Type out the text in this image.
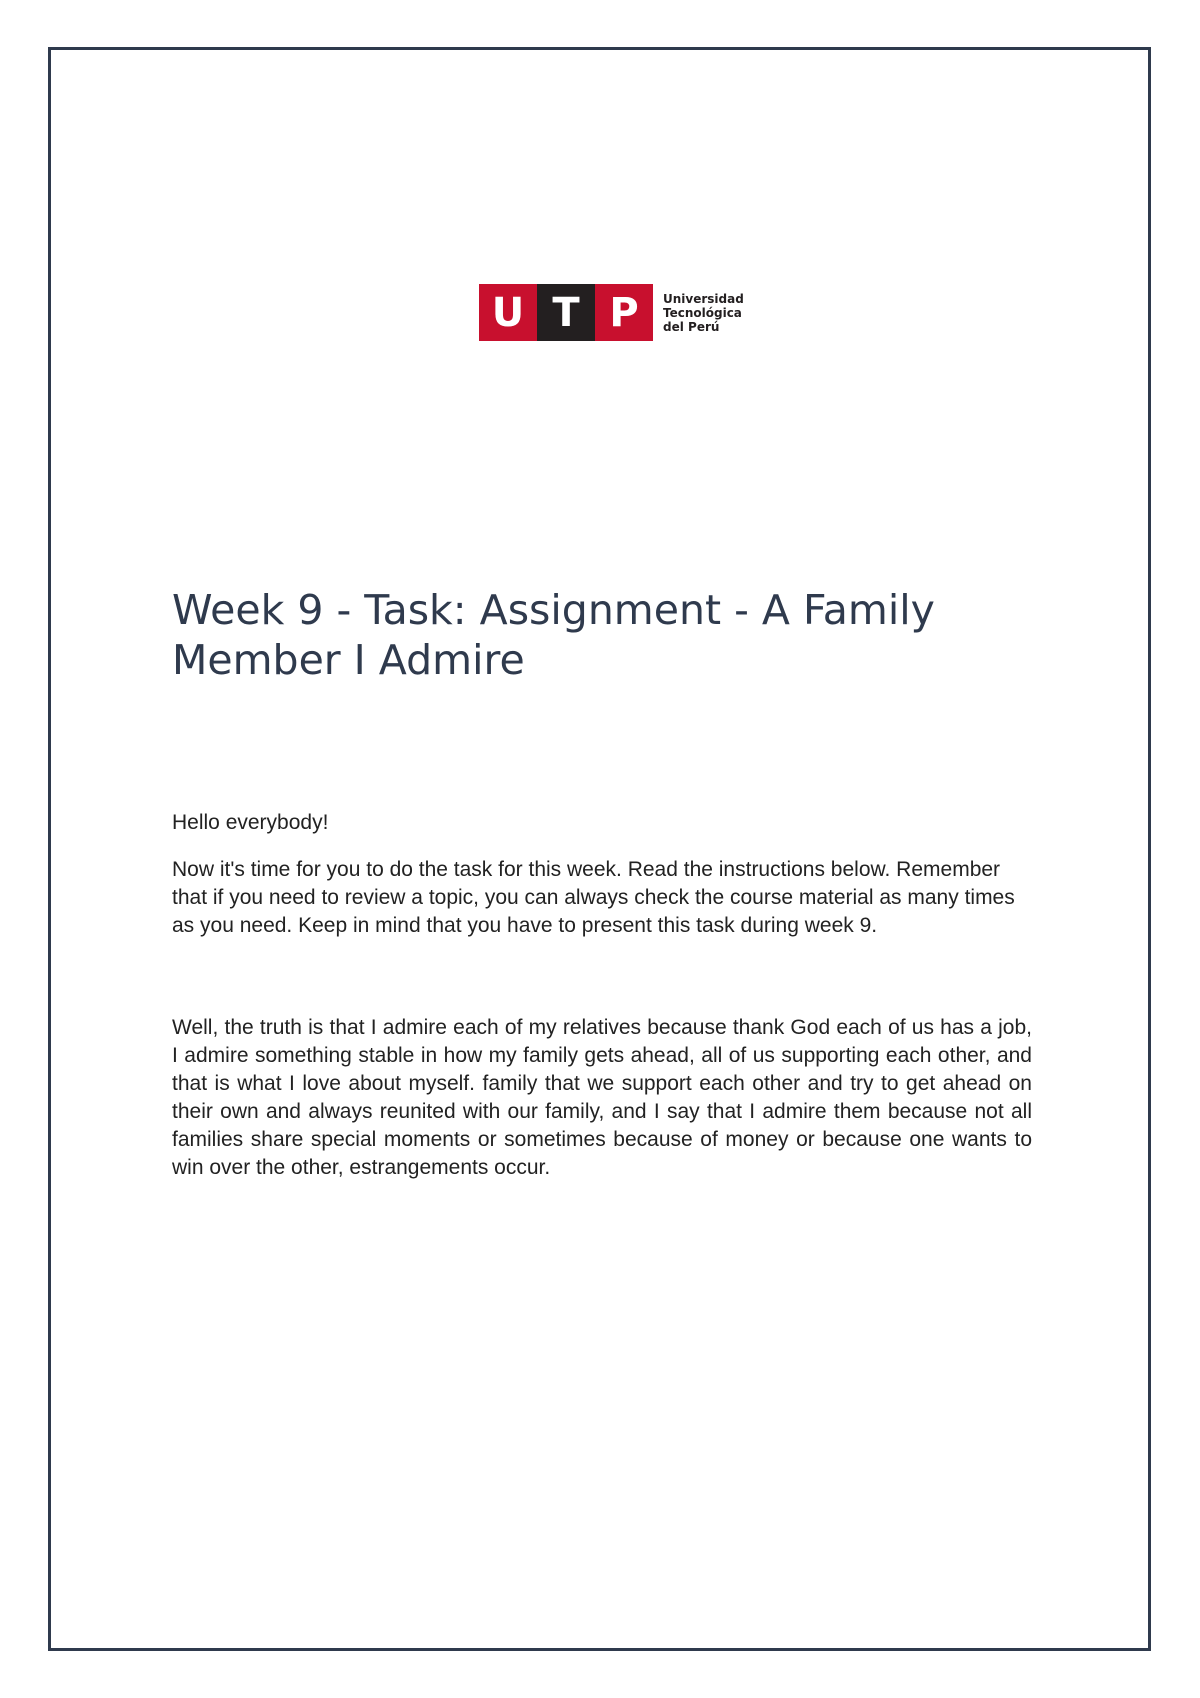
U T P	Universidad
Tecnológica
del Perú
Week 9 - Task: Assignment - A Family Member I Admire

Hello everybody!

Now it's time for you to do the task for this week. Read the instructions below. Remember that if you need to review a topic, you can always check the course material as many times as you need. Keep in mind that you have to present this task during week 9.

Well, the truth is that I admire each of my relatives because thank God each of us has a job, I admire something stable in how my family gets ahead, all of us supporting each other, and that is what I love about myself. family that we support each other and try to get ahead on their own and always reunited with our family, and I say that I admire them because not all families share special moments or sometimes because of money or because one wants to win over the other, estrangements occur.
